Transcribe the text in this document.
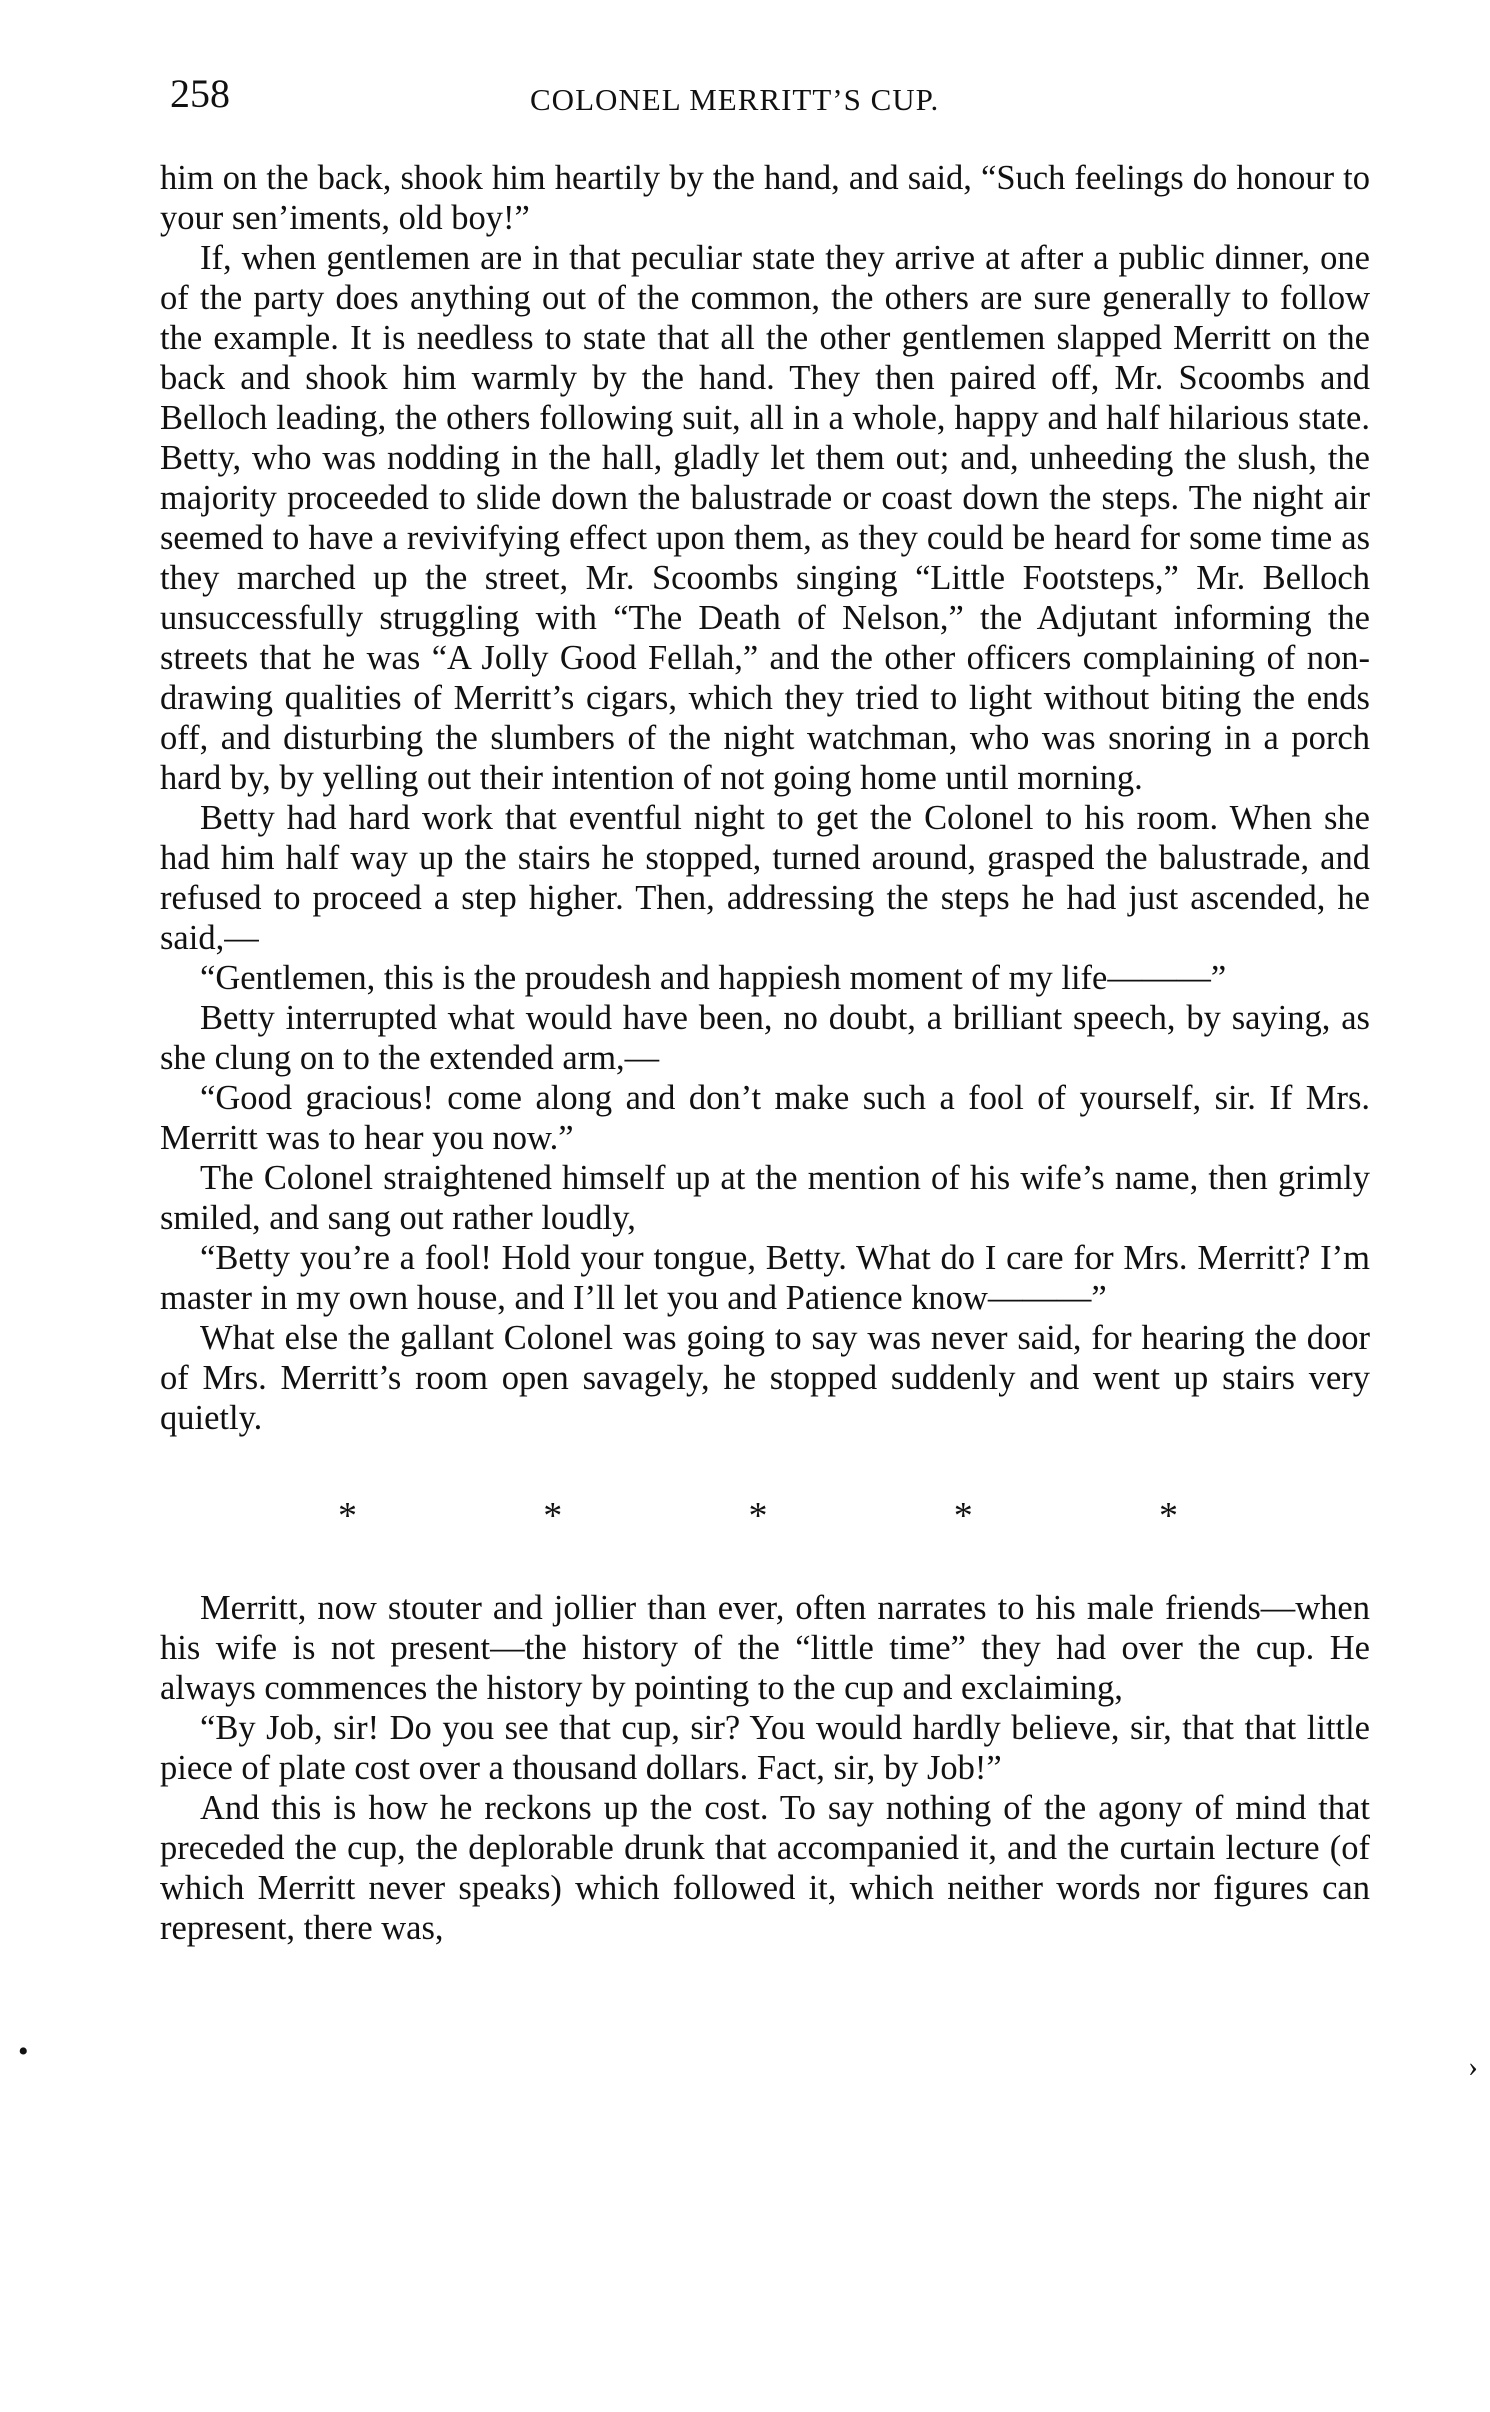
258	COLONEL MERRITT’S CUP.

him on the back, shook him heartily by the hand, and said, “Such feelings do honour to your sen’iments, old boy!”

If, when gentlemen are in that peculiar state they arrive at after a public dinner, one of the party does anything out of the common, the others are sure generally to follow the example. It is needless to state that all the other gentlemen slapped Merritt on the back and shook him warmly by the hand. They then paired off, Mr. Scoombs and Belloch leading, the others following suit, all in a whole, happy and half hilarious state. Betty, who was nodding in the hall, gladly let them out; and, unheeding the slush, the majority proceeded to slide down the balustrade or coast down the steps. The night air seemed to have a revivifying effect upon them, as they could be heard for some time as they marched up the street, Mr. Scoombs singing “Little Footsteps,” Mr. Belloch unsuccessfully struggling with “The Death of Nelson,” the Adjutant informing the streets that he was “A Jolly Good Fellah,” and the other officers complaining of non-drawing qualities of Merritt’s cigars, which they tried to light without biting the ends off, and disturbing the slumbers of the night watchman, who was snoring in a porch hard by, by yelling out their intention of not going home until morning.

Betty had hard work that eventful night to get the Colonel to his room. When she had him half way up the stairs he stopped, turned around, grasped the balustrade, and refused to proceed a step higher. Then, addressing the steps he had just ascended, he said,—

“Gentlemen, this is the proudesh and happiesh moment of my life———”

Betty interrupted what would have been, no doubt, a brilliant speech, by saying, as she clung on to the extended arm,—

“Good gracious! come along and don’t make such a fool of yourself, sir. If Mrs. Merritt was to hear you now.”

The Colonel straightened himself up at the mention of his wife’s name, then grimly smiled, and sang out rather loudly,

“Betty you’re a fool! Hold your tongue, Betty. What do I care for Mrs. Merritt? I’m master in my own house, and I’ll let you and Patience know———”

What else the gallant Colonel was going to say was never said, for hearing the door of Mrs. Merritt’s room open savagely, he stopped suddenly and went up stairs very quietly.

*	*	*	*	*

Merritt, now stouter and jollier than ever, often narrates to his male friends—when his wife is not present—the history of the “little time” they had over the cup. He always commences the history by pointing to the cup and exclaiming,

“By Job, sir! Do you see that cup, sir? You would hardly believe, sir, that that little piece of plate cost over a thousand dollars. Fact, sir, by Job!”

And this is how he reckons up the cost. To say nothing of the agony of mind that preceded the cup, the deplorable drunk that accompanied it, and the curtain lecture (of which Merritt never speaks) which followed it, which neither words nor figures can represent, there was,

•	›
